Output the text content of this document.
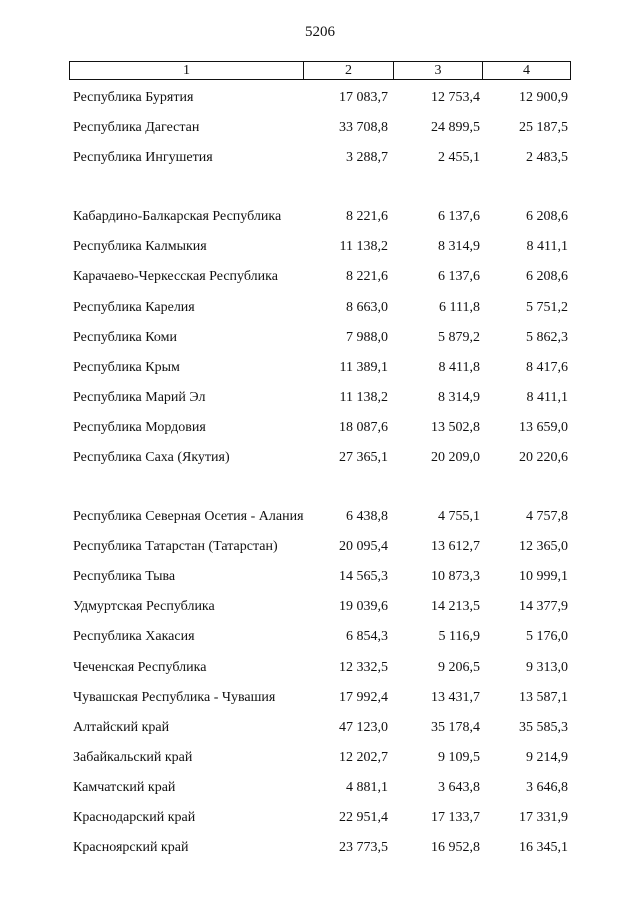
5206
1	2	3	4
Республика Бурятия	17 083,7	12 753,4	12 900,9
Республика Дагестан	33 708,8	24 899,5	25 187,5
Республика Ингушетия	3 288,7	2 455,1	2 483,5
Кабардино-Балкарская Республика	8 221,6	6 137,6	6 208,6
Республика Калмыкия	11 138,2	8 314,9	8 411,1
Карачаево-Черкесская Республика	8 221,6	6 137,6	6 208,6
Республика Карелия	8 663,0	6 111,8	5 751,2
Республика Коми	7 988,0	5 879,2	5 862,3
Республика Крым	11 389,1	8 411,8	8 417,6
Республика Марий Эл	11 138,2	8 314,9	8 411,1
Республика Мордовия	18 087,6	13 502,8	13 659,0
Республика Саха (Якутия)	27 365,1	20 209,0	20 220,6
Республика Северная Осетия - Алания	6 438,8	4 755,1	4 757,8
Республика Татарстан (Татарстан)	20 095,4	13 612,7	12 365,0
Республика Тыва	14 565,3	10 873,3	10 999,1
Удмуртская Республика	19 039,6	14 213,5	14 377,9
Республика Хакасия	6 854,3	5 116,9	5 176,0
Чеченская Республика	12 332,5	9 206,5	9 313,0
Чувашская Республика - Чувашия	17 992,4	13 431,7	13 587,1
Алтайский край	47 123,0	35 178,4	35 585,3
Забайкальский край	12 202,7	9 109,5	9 214,9
Камчатский край	4 881,1	3 643,8	3 646,8
Краснодарский край	22 951,4	17 133,7	17 331,9
Красноярский край	23 773,5	16 952,8	16 345,1
